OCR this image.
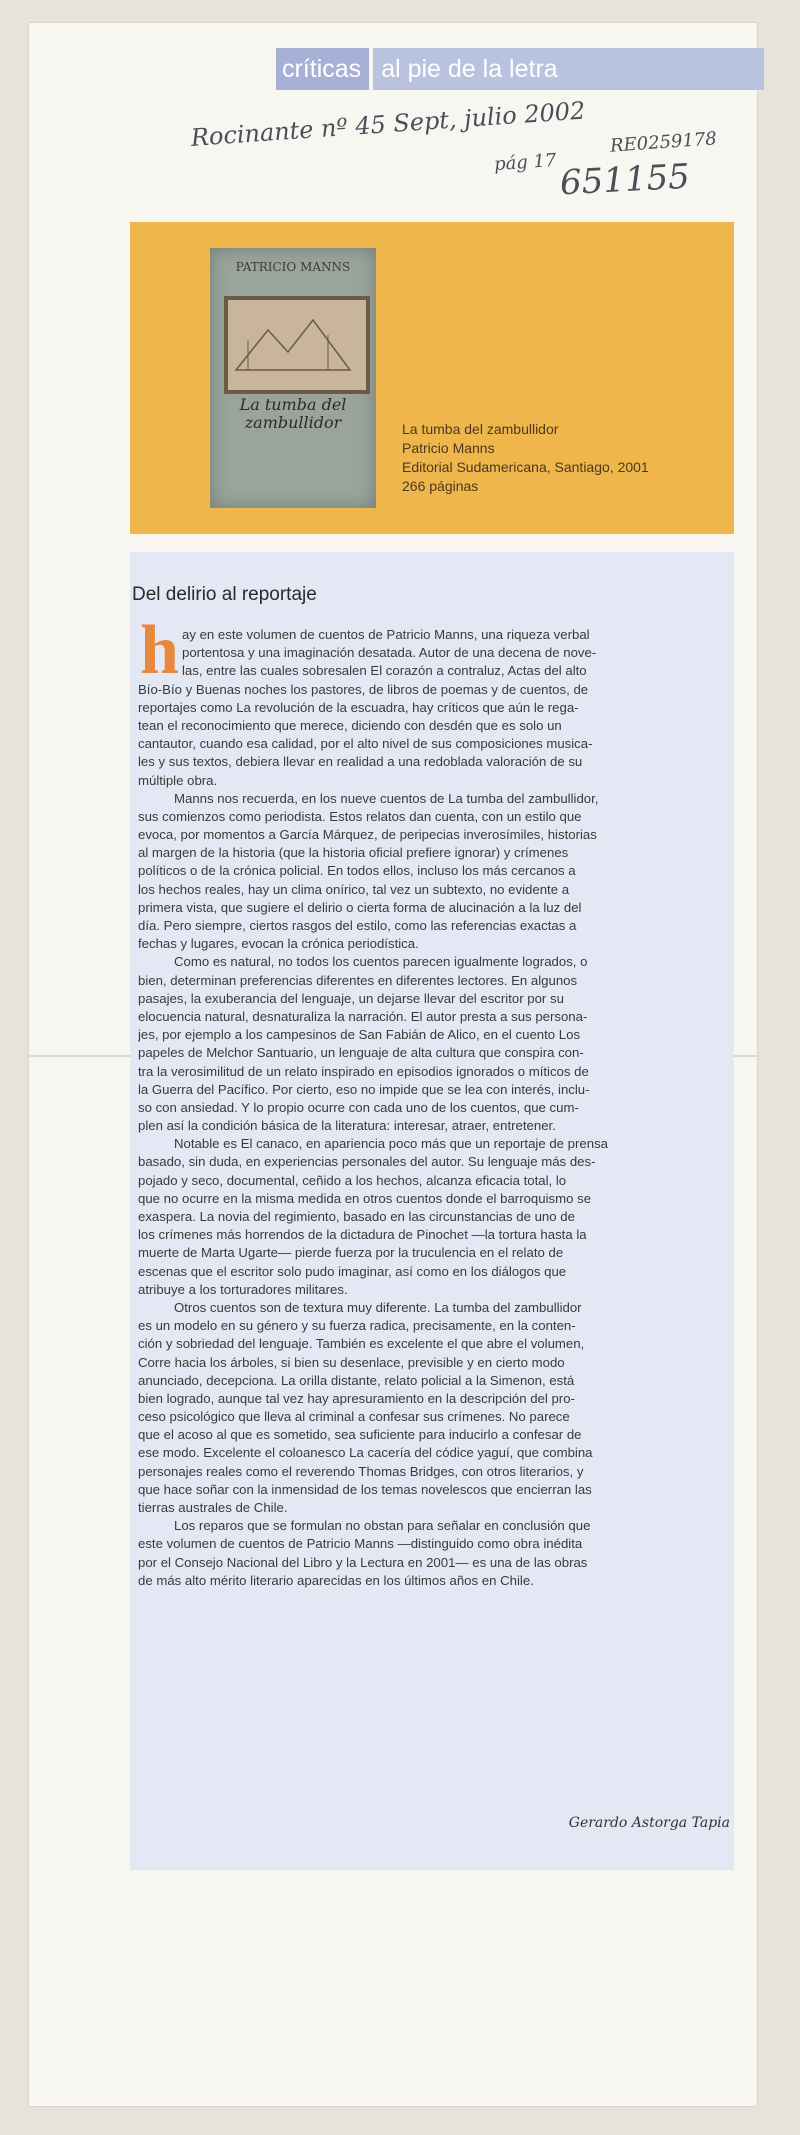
críticas al pie de la letra
Rocinante nº 45 Sept, julio 2002
pág 17
RE0259178
651155
PATRICIO MANNS
La tumba del zambullidor	La tumba del zambullidor
Patricio Manns
Editorial Sudamericana, Santiago, 2001
266 páginas
Del delirio al reportaje
h ay en este volumen de cuentos de Patricio Manns, una riqueza verbal
portentosa y una imaginación desatada. Autor de una decena de nove-
las, entre las cuales sobresalen El corazón a contraluz, Actas del alto
Bío-Bío y Buenas noches los pastores, de libros de poemas y de cuentos, de
reportajes como La revolución de la escuadra, hay críticos que aún le rega-
tean el reconocimiento que merece, diciendo con desdén que es solo un
cantautor, cuando esa calidad, por el alto nivel de sus composiciones musica-
les y sus textos, debiera llevar en realidad a una redoblada valoración de su
múltiple obra.
Manns nos recuerda, en los nueve cuentos de La tumba del zambullidor,
sus comienzos como periodista. Estos relatos dan cuenta, con un estilo que
evoca, por momentos a García Márquez, de peripecias inverosímiles, historias
al margen de la historia (que la historia oficial prefiere ignorar) y crímenes
políticos o de la crónica policial. En todos ellos, incluso los más cercanos a
los hechos reales, hay un clima onírico, tal vez un subtexto, no evidente a
primera vista, que sugiere el delirio o cierta forma de alucinación a la luz del
día. Pero siempre, ciertos rasgos del estilo, como las referencias exactas a
fechas y lugares, evocan la crónica periodística.
Como es natural, no todos los cuentos parecen igualmente logrados, o
bien, determinan preferencias diferentes en diferentes lectores. En algunos
pasajes, la exuberancia del lenguaje, un dejarse llevar del escritor por su
elocuencia natural, desnaturaliza la narración. El autor presta a sus persona-
jes, por ejemplo a los campesinos de San Fabián de Alico, en el cuento Los
papeles de Melchor Santuario, un lenguaje de alta cultura que conspira con-
tra la verosimilitud de un relato inspirado en episodios ignorados o míticos de
la Guerra del Pacífico. Por cierto, eso no impide que se lea con interés, inclu-
so con ansiedad. Y lo propio ocurre con cada uno de los cuentos, que cum-
plen así la condición básica de la literatura: interesar, atraer, entretener.
Notable es El canaco, en apariencia poco más que un reportaje de prensa
basado, sin duda, en experiencias personales del autor. Su lenguaje más des-
pojado y seco, documental, ceñido a los hechos, alcanza eficacia total, lo
que no ocurre en la misma medida en otros cuentos donde el barroquismo se
exaspera. La novia del regimiento, basado en las circunstancias de uno de
los crímenes más horrendos de la dictadura de Pinochet —la tortura hasta la
muerte de Marta Ugarte— pierde fuerza por la truculencia en el relato de
escenas que el escritor solo pudo imaginar, así como en los diálogos que
atribuye a los torturadores militares.
Otros cuentos son de textura muy diferente. La tumba del zambullidor
es un modelo en su género y su fuerza radica, precisamente, en la conten-
ción y sobriedad del lenguaje. También es excelente el que abre el volumen,
Corre hacia los árboles, si bien su desenlace, previsible y en cierto modo
anunciado, decepciona. La orilla distante, relato policial a la Simenon, está
bien logrado, aunque tal vez hay apresuramiento en la descripción del pro-
ceso psicológico que lleva al criminal a confesar sus crímenes. No parece
que el acoso al que es sometido, sea suficiente para inducirlo a confesar de
ese modo. Excelente el coloanesco La cacería del códice yaguí, que combina
personajes reales como el reverendo Thomas Bridges, con otros literarios, y
que hace soñar con la inmensidad de los temas novelescos que encierran las
tierras australes de Chile.
Los reparos que se formulan no obstan para señalar en conclusión que
este volumen de cuentos de Patricio Manns —distinguido como obra inédita
por el Consejo Nacional del Libro y la Lectura en 2001— es una de las obras
de más alto mérito literario aparecidas en los últimos años en Chile.
Gerardo Astorga Tapia
